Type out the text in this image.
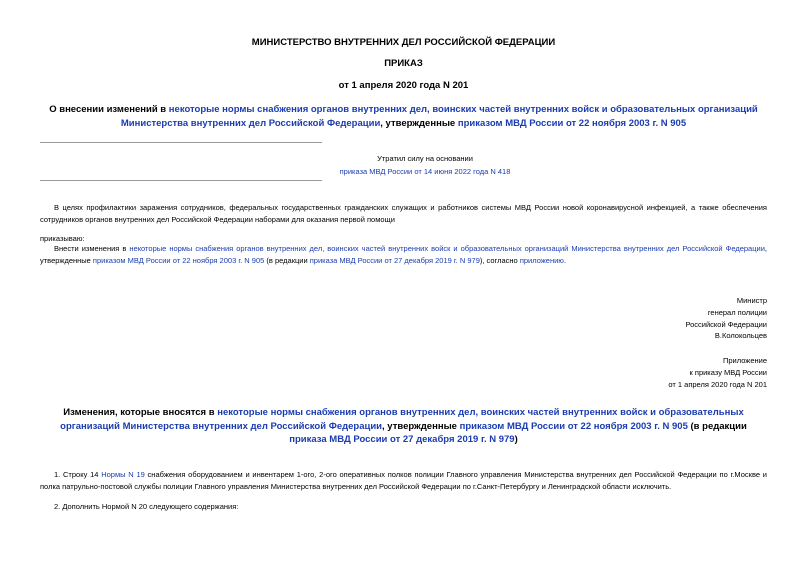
МИНИСТЕРСТВО ВНУТРЕННИХ ДЕЛ РОССИЙСКОЙ ФЕДЕРАЦИИ
ПРИКАЗ
от 1 апреля 2020 года N 201
О внесении изменений в некоторые нормы снабжения органов внутренних дел, воинских частей внутренних войск и образовательных организаций Министерства внутренних дел Российской Федерации, утвержденные приказом МВД России от 22 ноября 2003 г. N 905
Утратил силу на основании
приказа МВД России от 14 июня 2022 года N 418
В целях профилактики заражения сотрудников, федеральных государственных гражданских служащих и работников системы МВД России новой коронавирусной инфекцией, а также обеспечения сотрудников органов внутренних дел Российской Федерации наборами для оказания первой помощи
приказываю:
Внести изменения в некоторые нормы снабжения органов внутренних дел, воинских частей внутренних войск и образовательных организаций Министерства внутренних дел Российской Федерации, утвержденные приказом МВД России от 22 ноября 2003 г. N 905 (в редакции приказа МВД России от 27 декабря 2019 г. N 979), согласно приложению.
Министр
генерал полиции
Российской Федерации
В.Колокольцев
Приложение
к приказу МВД России
от 1 апреля 2020 года N 201
Изменения, которые вносятся в некоторые нормы снабжения органов внутренних дел, воинских частей внутренних войск и образовательных организаций Министерства внутренних дел Российской Федерации, утвержденные приказом МВД России от 22 ноября 2003 г. N 905 (в редакции приказа МВД России от 27 декабря 2019 г. N 979)
1. Строку 14 Нормы N 19 снабжения оборудованием и инвентарем 1-ого, 2-ого оперативных полков полиции Главного управления Министерства внутренних дел Российской Федерации по г.Москве и полка патрульно-постовой службы полиции Главного управления Министерства внутренних дел Российской Федерации по г.Санкт-Петербургу и Ленинградской области исключить.
2. Дополнить Нормой N 20 следующего содержания:
